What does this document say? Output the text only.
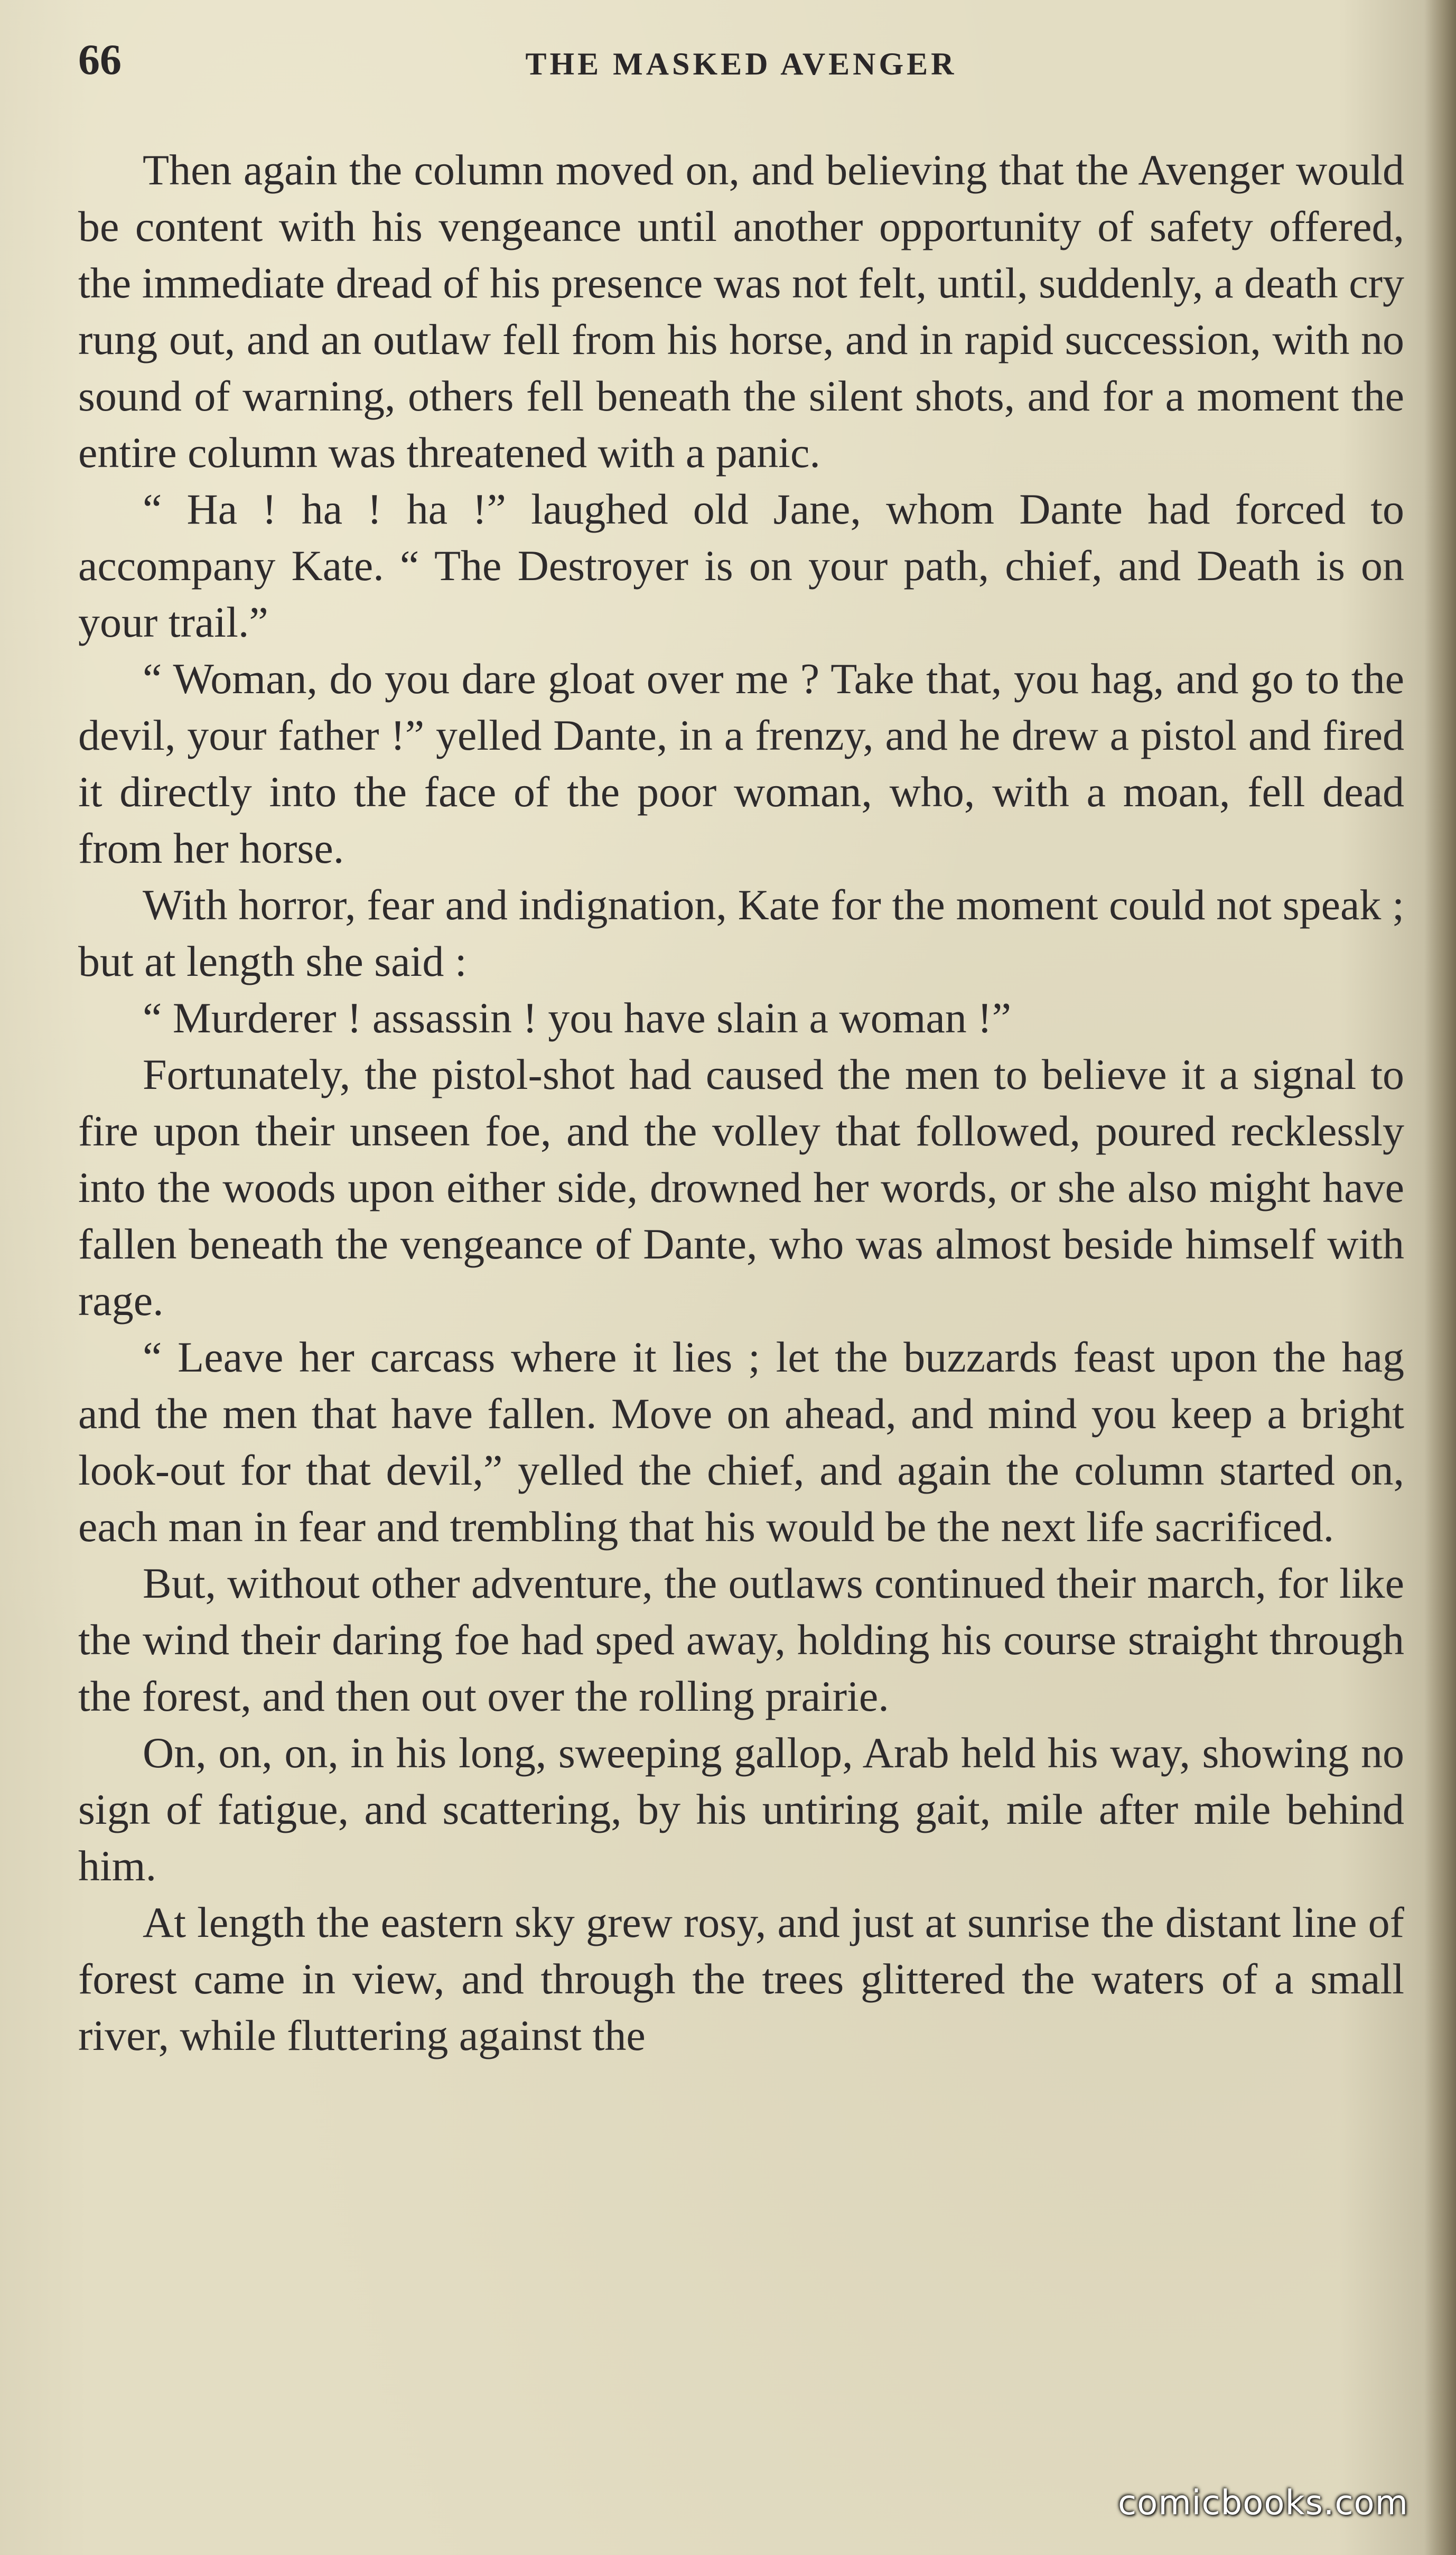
66	THE MASKED AVENGER

Then again the column moved on, and believing that the Avenger would be content with his vengeance until another opportunity of safety offered, the immediate dread of his presence was not felt, until, suddenly, a death cry rung out, and an outlaw fell from his horse, and in rapid succession, with no sound of warning, others fell beneath the silent shots, and for a moment the entire column was threatened with a panic.

“ Ha ! ha ! ha !” laughed old Jane, whom Dante had forced to accompany Kate. “ The Destroyer is on your path, chief, and Death is on your trail.”

“ Woman, do you dare gloat over me ? Take that, you hag, and go to the devil, your father !” yelled Dante, in a frenzy, and he drew a pistol and fired it directly into the face of the poor woman, who, with a moan, fell dead from her horse.

With horror, fear and indignation, Kate for the moment could not speak ; but at length she said :

“ Murderer ! assassin ! you have slain a woman !”

Fortunately, the pistol-shot had caused the men to believe it a signal to fire upon their unseen foe, and the volley that followed, poured recklessly into the woods upon either side, drowned her words, or she also might have fallen beneath the vengeance of Dante, who was almost beside himself with rage.

“ Leave her carcass where it lies ; let the buzzards feast upon the hag and the men that have fallen. Move on ahead, and mind you keep a bright look-out for that devil,” yelled the chief, and again the column started on, each man in fear and trembling that his would be the next life sacrificed.

But, without other adventure, the outlaws continued their march, for like the wind their daring foe had sped away, holding his course straight through the forest, and then out over the rolling prairie.

On, on, on, in his long, sweeping gallop, Arab held his way, showing no sign of fatigue, and scattering, by his untiring gait, mile after mile behind him.

At length the eastern sky grew rosy, and just at sunrise the distant line of forest came in view, and through the trees glittered the waters of a small river, while fluttering against the

comicbooks.com
